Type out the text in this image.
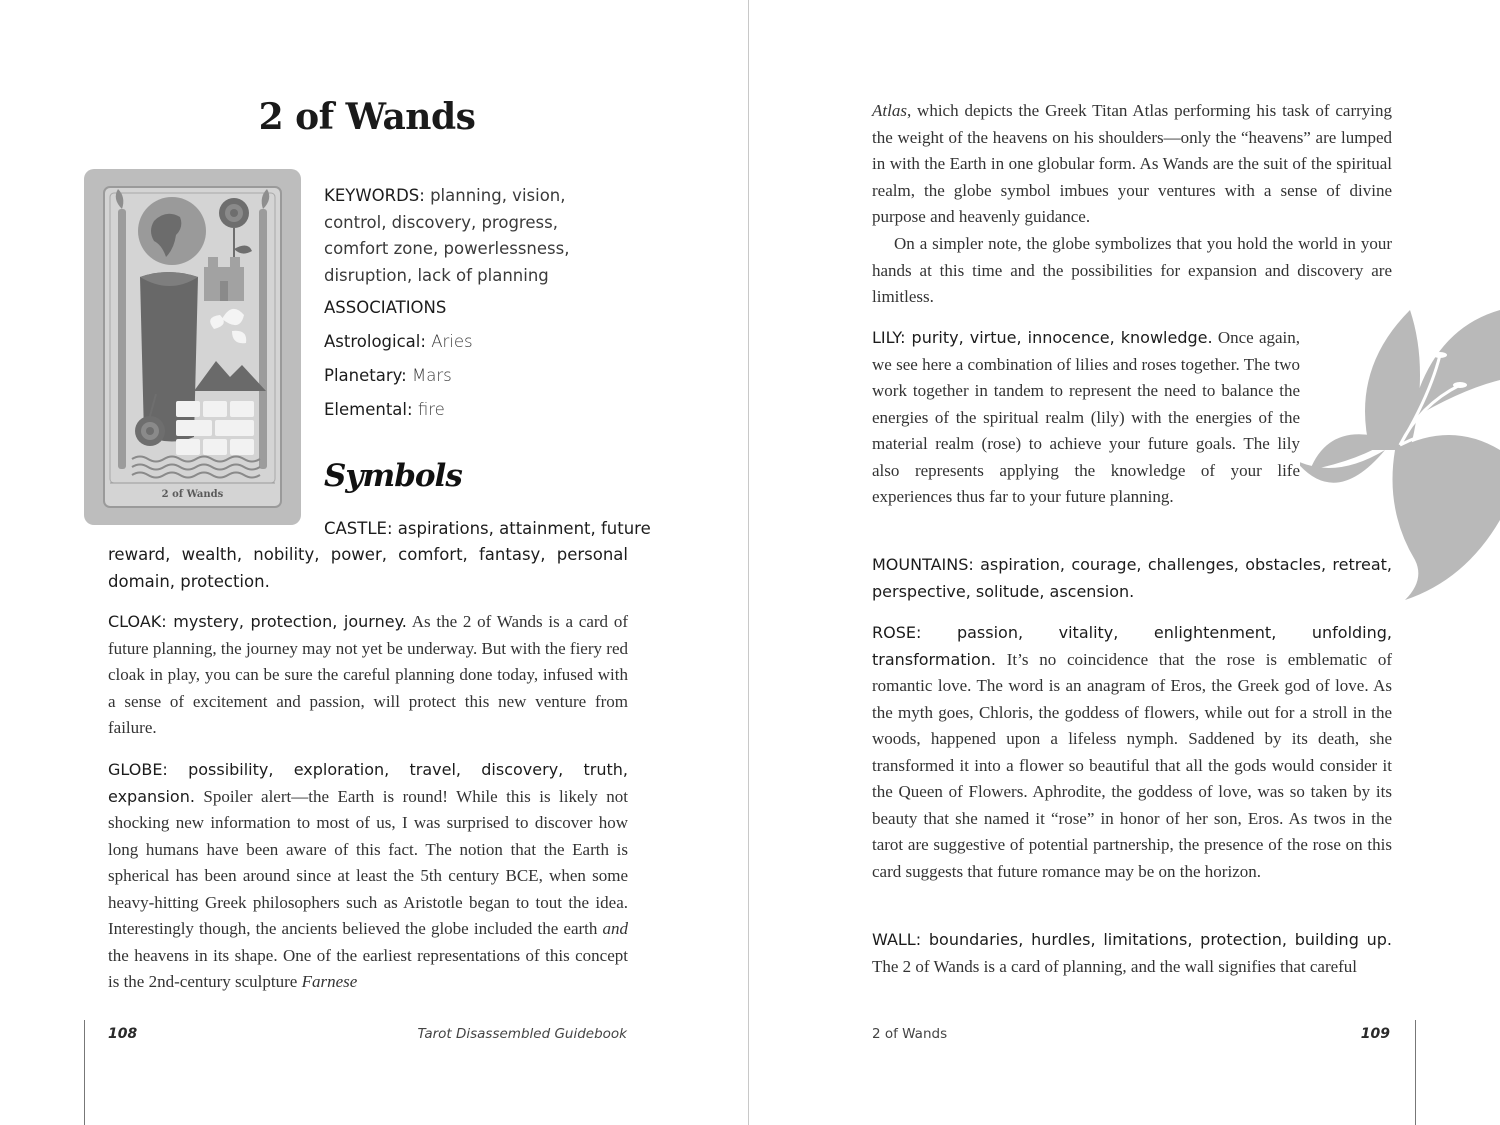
2 of Wands
2 of Wands

KEYWORDS: planning, vision, control, discovery, progress, comfort zone, powerlessness, disruption, lack of planning

ASSOCIATIONS

Astrological: Aries

Planetary: Mars

Elemental: fire

Symbols

CASTLE: aspirations, attainment, future

reward, wealth, nobility, power, comfort, fantasy, personal domain, protection.

CLOAK: mystery, protection, journey. As the 2 of Wands is a card of future planning, the journey may not yet be underway. But with the fiery red cloak in play, you can be sure the careful planning done today, infused with a sense of excitement and passion, will protect this new venture from failure.

GLOBE: possibility, exploration, travel, discovery, truth, expansion. Spoiler alert—the Earth is round! While this is likely not shocking new information to most of us, I was surprised to discover how long humans have been aware of this fact. The notion that the Earth is spherical has been around since at least the 5th century BCE, when some heavy-hitting Greek philosophers such as Aristotle began to tout the idea. Interestingly though, the ancients believed the globe included the earth and the heavens in its shape. One of the earliest representations of this concept is the 2nd-century sculpture Farnese

108	Tarot Disassembled Guidebook

Atlas, which depicts the Greek Titan Atlas performing his task of carrying the weight of the heavens on his shoulders—only the “heavens” are lumped in with the Earth in one globular form. As Wands are the suit of the spiritual realm, the globe symbol imbues your ventures with a sense of divine purpose and heavenly guidance.

On a simpler note, the globe symbolizes that you hold the world in your hands at this time and the possibilities for expansion and discovery are limitless.

LILY: purity, virtue, innocence, knowledge. Once again, we see here a combination of lilies and roses together. The two work together in tandem to represent the need to balance the energies of the spiritual realm (lily) with the energies of the material realm (rose) to achieve your future goals. The lily also represents applying the knowledge of your life experiences thus far to your future planning.

MOUNTAINS: aspiration, courage, challenges, obstacles, retreat, perspective, solitude, ascension.

ROSE: passion, vitality, enlightenment, unfolding, transformation. It’s no coincidence that the rose is emblematic of romantic love. The word is an anagram of Eros, the Greek god of love. As the myth goes, Chloris, the goddess of flowers, while out for a stroll in the woods, happened upon a lifeless nymph. Saddened by its death, she transformed it into a flower so beautiful that all the gods would consider it the Queen of Flowers. Aphrodite, the goddess of love, was so taken by its beauty that she named it “rose” in honor of her son, Eros. As twos in the tarot are suggestive of potential partnership, the presence of the rose on this card suggests that future romance may be on the horizon.

WALL: boundaries, hurdles, limitations, protection, building up. The 2 of Wands is a card of planning, and the wall signifies that careful

2 of Wands	109
